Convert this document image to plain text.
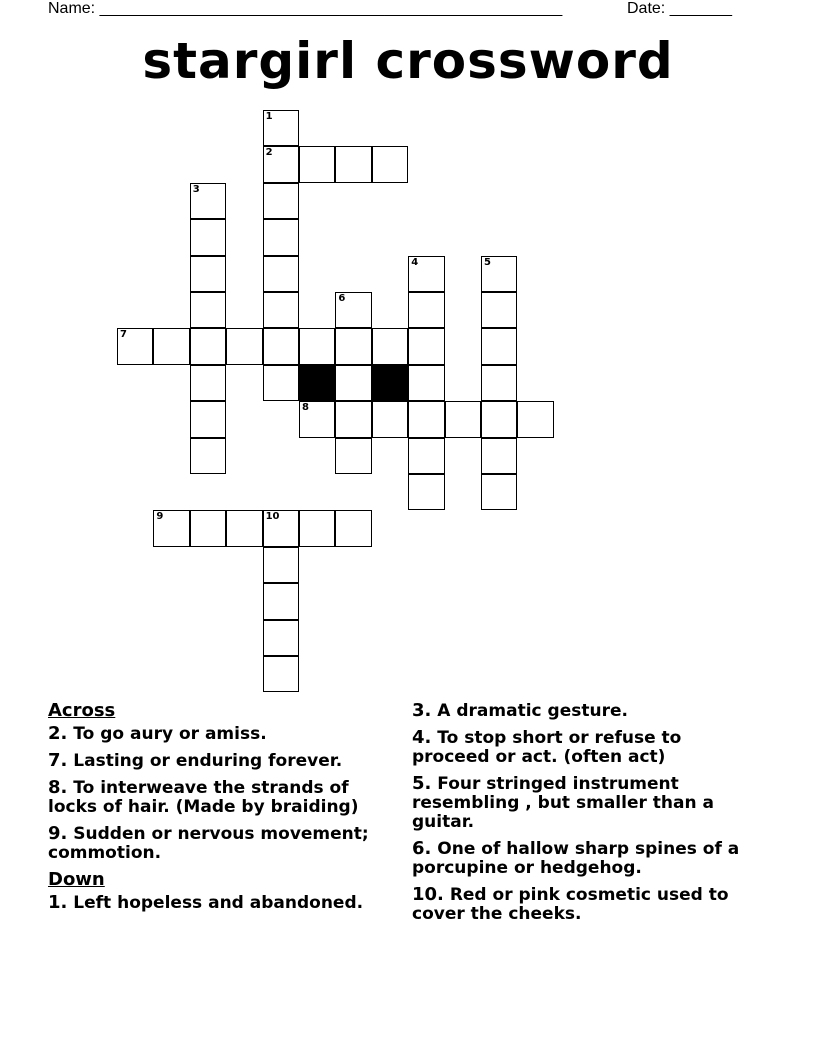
Name: ____________________________________________________	Date: _______
stargirl crossword
1
2
3
4	5
6
7
8
9	10
Across
2. To go aury or amiss.
7. Lasting or enduring forever.
8. To interweave the strands of locks of hair. (Made by braiding)
9. Sudden or nervous movement; commotion.
Down
1. Left hopeless and abandoned.
3. A dramatic gesture.
4. To stop short or refuse to proceed or act. (often act)
5. Four stringed instrument resembling , but smaller than a guitar.
6. One of hallow sharp spines of a porcupine or hedgehog.
10. Red or pink cosmetic used to cover the cheeks.
